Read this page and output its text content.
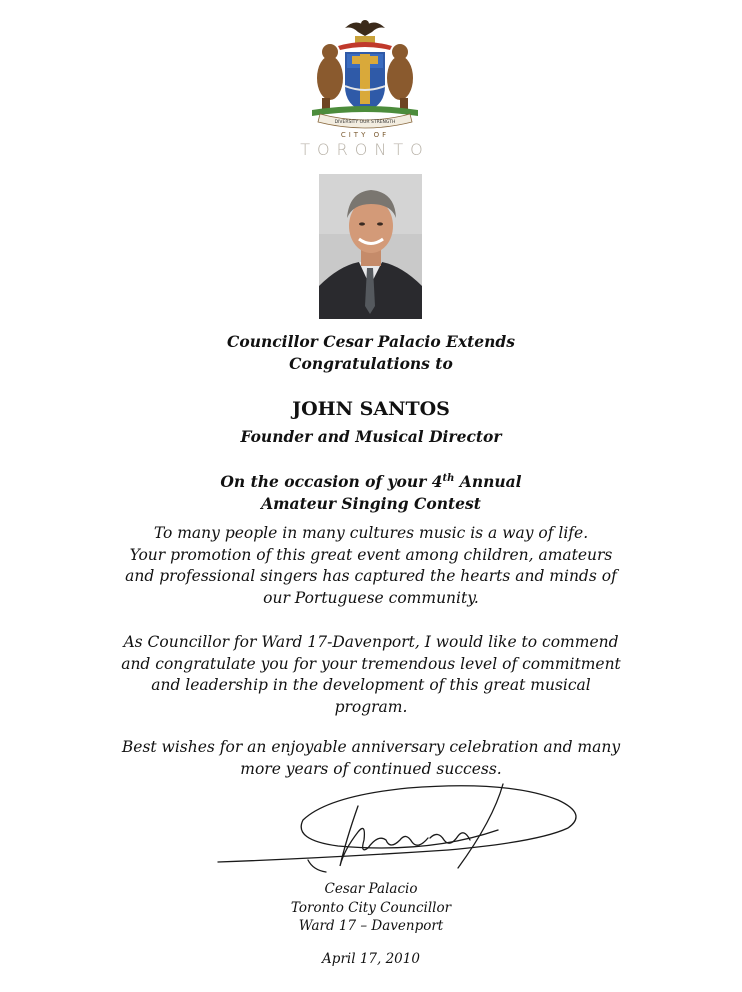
DIVERSITY OUR STRENGTH
CITY OF
TORONTO
Councillor Cesar Palacio Extends
Congratulations to
JOHN SANTOS
Founder and Musical Director
On the occasion of your 4th Annual
Amateur Singing Contest
To many people in many cultures music is a way of life.
Your promotion of this great event among children, amateurs
and professional singers has captured the hearts and minds of
our Portuguese community.
As Councillor for Ward 17-Davenport, I would like to commend
and congratulate you for your tremendous level of commitment
and leadership in the development of this great musical
program.
Best wishes for an enjoyable anniversary celebration and many
more years of continued success.
Cesar Palacio
Toronto City Councillor
Ward 17 – Davenport
April 17, 2010
